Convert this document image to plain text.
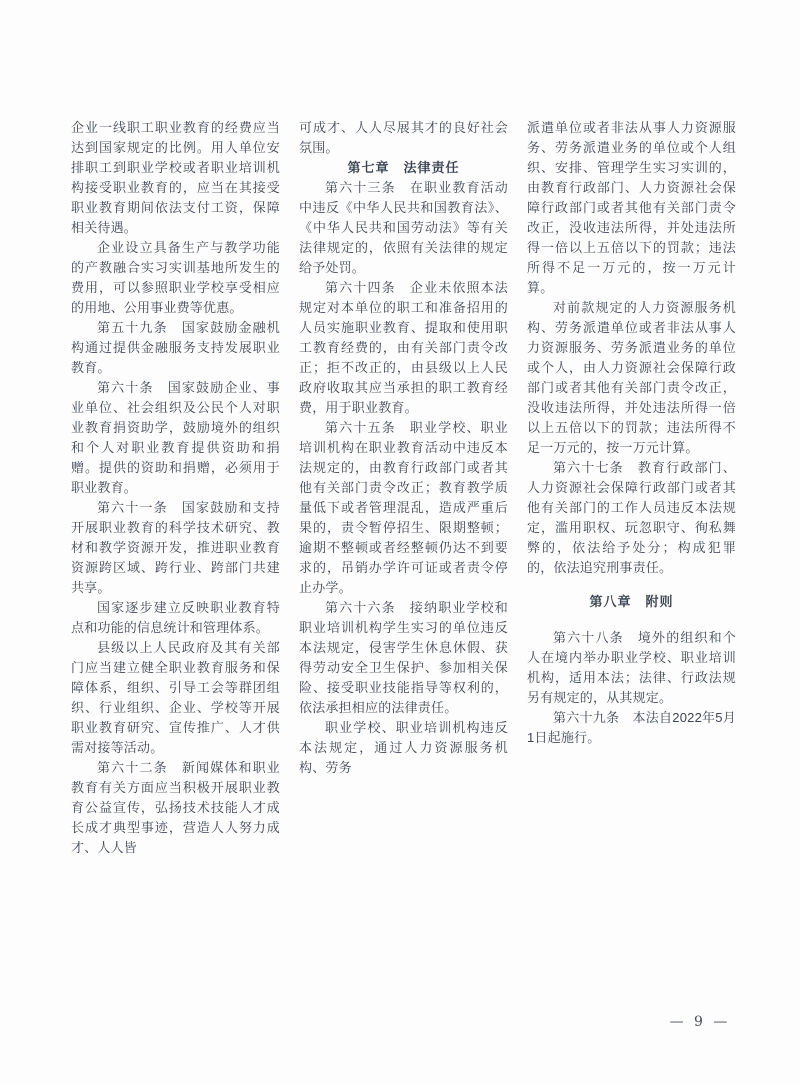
企业一线职工职业教育的经费应当达到国家规定的比例。用人单位安排职工到职业学校或者职业培训机构接受职业教育的，应当在其接受职业教育期间依法支付工资，保障相关待遇。

企业设立具备生产与教学功能的产教融合实习实训基地所发生的费用，可以参照职业学校享受相应的用地、公用事业费等优惠。

第五十九条　国家鼓励金融机构通过提供金融服务支持发展职业教育。

第六十条　国家鼓励企业、事业单位、社会组织及公民个人对职业教育捐资助学，鼓励境外的组织和个人对职业教育提供资助和捐赠。提供的资助和捐赠，必须用于职业教育。

第六十一条　国家鼓励和支持开展职业教育的科学技术研究、教材和教学资源开发，推进职业教育资源跨区域、跨行业、跨部门共建共享。

国家逐步建立反映职业教育特点和功能的信息统计和管理体系。

县级以上人民政府及其有关部门应当建立健全职业教育服务和保障体系，组织、引导工会等群团组织、行业组织、企业、学校等开展职业教育研究、宣传推广、人才供需对接等活动。

第六十二条　新闻媒体和职业教育有关方面应当积极开展职业教育公益宣传，弘扬技术技能人才成长成才典型事迹，营造人人努力成才、人人皆

可成才、人人尽展其才的良好社会氛围。

第七章　法律责任

第六十三条　在职业教育活动中违反《中华人民共和国教育法》、《中华人民共和国劳动法》等有关法律规定的，依照有关法律的规定给予处罚。

第六十四条　企业未依照本法规定对本单位的职工和准备招用的人员实施职业教育、提取和使用职工教育经费的，由有关部门责令改正；拒不改正的，由县级以上人民政府收取其应当承担的职工教育经费，用于职业教育。

第六十五条　职业学校、职业培训机构在职业教育活动中违反本法规定的，由教育行政部门或者其他有关部门责令改正；教育教学质量低下或者管理混乱，造成严重后果的，责令暂停招生、限期整顿；逾期不整顿或者经整顿仍达不到要求的，吊销办学许可证或者责令停止办学。

第六十六条　接纳职业学校和职业培训机构学生实习的单位违反本法规定，侵害学生休息休假、获得劳动安全卫生保护、参加相关保险、接受职业技能指导等权利的，依法承担相应的法律责任。

职业学校、职业培训机构违反本法规定，通过人力资源服务机构、劳务

派遣单位或者非法从事人力资源服务、劳务派遣业务的单位或个人组织、安排、管理学生实习实训的，由教育行政部门、人力资源社会保障行政部门或者其他有关部门责令改正，没收违法所得，并处违法所得一倍以上五倍以下的罚款；违法所得不足一万元的，按一万元计算。

对前款规定的人力资源服务机构、劳务派遣单位或者非法从事人力资源服务、劳务派遣业务的单位或个人，由人力资源社会保障行政部门或者其他有关部门责令改正，没收违法所得，并处违法所得一倍以上五倍以下的罚款；违法所得不足一万元的，按一万元计算。

第六十七条　教育行政部门、人力资源社会保障行政部门或者其他有关部门的工作人员违反本法规定，滥用职权、玩忽职守、徇私舞弊的，依法给予处分；构成犯罪的，依法追究刑事责任。

第八章　附则

第六十八条　境外的组织和个人在境内举办职业学校、职业培训机构，适用本法；法律、行政法规另有规定的，从其规定。

第六十九条　本法自2022年5月1日起施行。

— 9 —
